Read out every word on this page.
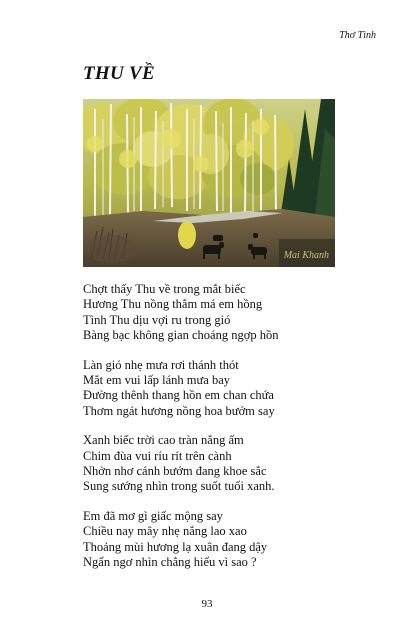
Thơ Tình
THU VỀ
Mai Khanh
Chợt thấy Thu về trong mắt biếc
Hương Thu nồng thắm má em hồng
Tình Thu dịu vợi ru trong gió
Bàng bạc không gian choáng ngợp hồn
Làn gió nhẹ mưa rơi thánh thót
Mắt em vui lấp lánh mưa bay
Đường thênh thang hồn em chan chứa
Thơm ngát hương nồng hoa bướm say
Xanh biếc trời cao tràn nắng ấm
Chim đùa vui ríu rít trên cành
Nhởn nhơ cánh bướm đang khoe sắc
Sung sướng nhìn trong suốt tuổi xanh.
Em đã mơ gì giấc mộng say
Chiều nay mây nhẹ nắng lao xao
Thoảng mùi hương lạ xuân đang dậy
Ngẩn ngơ nhìn chẳng hiểu vì sao ?
93
